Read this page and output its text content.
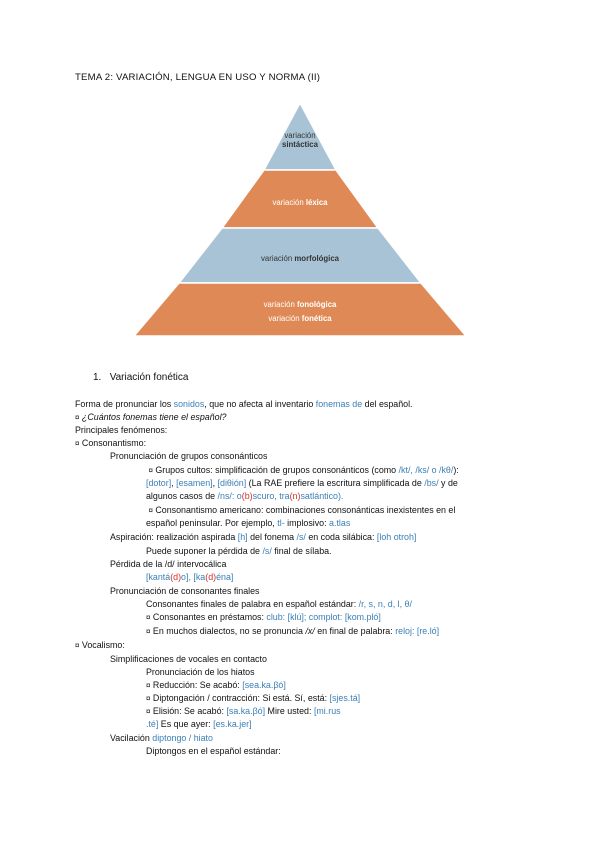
TEMA 2: VARIACIÓN, LENGUA EN USO Y NORMA (II)
variación
sintáctica
variación léxica
variación morfológica
variación fonológica
variación fonética
1. Variación fonética
Forma de pronunciar los sonidos, que no afecta al inventario fonemas de del español.
¤ ¿Cuántos fonemas tiene el español?
Principales fenómenos:
¤ Consonantismo:
Pronunciación de grupos consonánticos
¤ Grupos cultos: simplificación de grupos consonánticos (como /kt/, /ks/ o /kθ/):
[dotor], [esamen], [diθión] (La RAE prefiere la escritura simplificada de /bs/ y de
algunos casos de /ns/: o(b)scuro, tra(n)satlántico).
¤ Consonantismo americano: combinaciones consonánticas inexistentes en el
español peninsular. Por ejemplo, tl- implosivo: a.tlas
Aspiración: realización aspirada [h] del fonema /s/ en coda silábica: [loh otroh]
Puede suponer la pérdida de /s/ final de sílaba.
Pérdida de la /d/ intervocálica
[kantá(d)o], [ka(d)éna]
Pronunciación de consonantes finales
Consonantes finales de palabra en español estándar: /r, s, n, d, l, θ/
¤ Consonantes en préstamos: club: [klú]; complot: [kom.pló]
¤ En muchos dialectos, no se pronuncia /x/ en final de palabra: reloj: [re.ló]
¤ Vocalismo:
Simplificaciones de vocales en contacto
Pronunciación de los hiatos
¤ Reducción: Se acabó: [sea.ka.βó]
¤ Diptongación / contracción: Si está. Sí, está: [sjes.tá]
¤ Elisión: Se acabó: [sa.ka.βó] Mire usted: [mi.rus
.té] Es que ayer: [es.ka.jer]
Vacilación diptongo / hiato
Diptongos en el español estándar:
